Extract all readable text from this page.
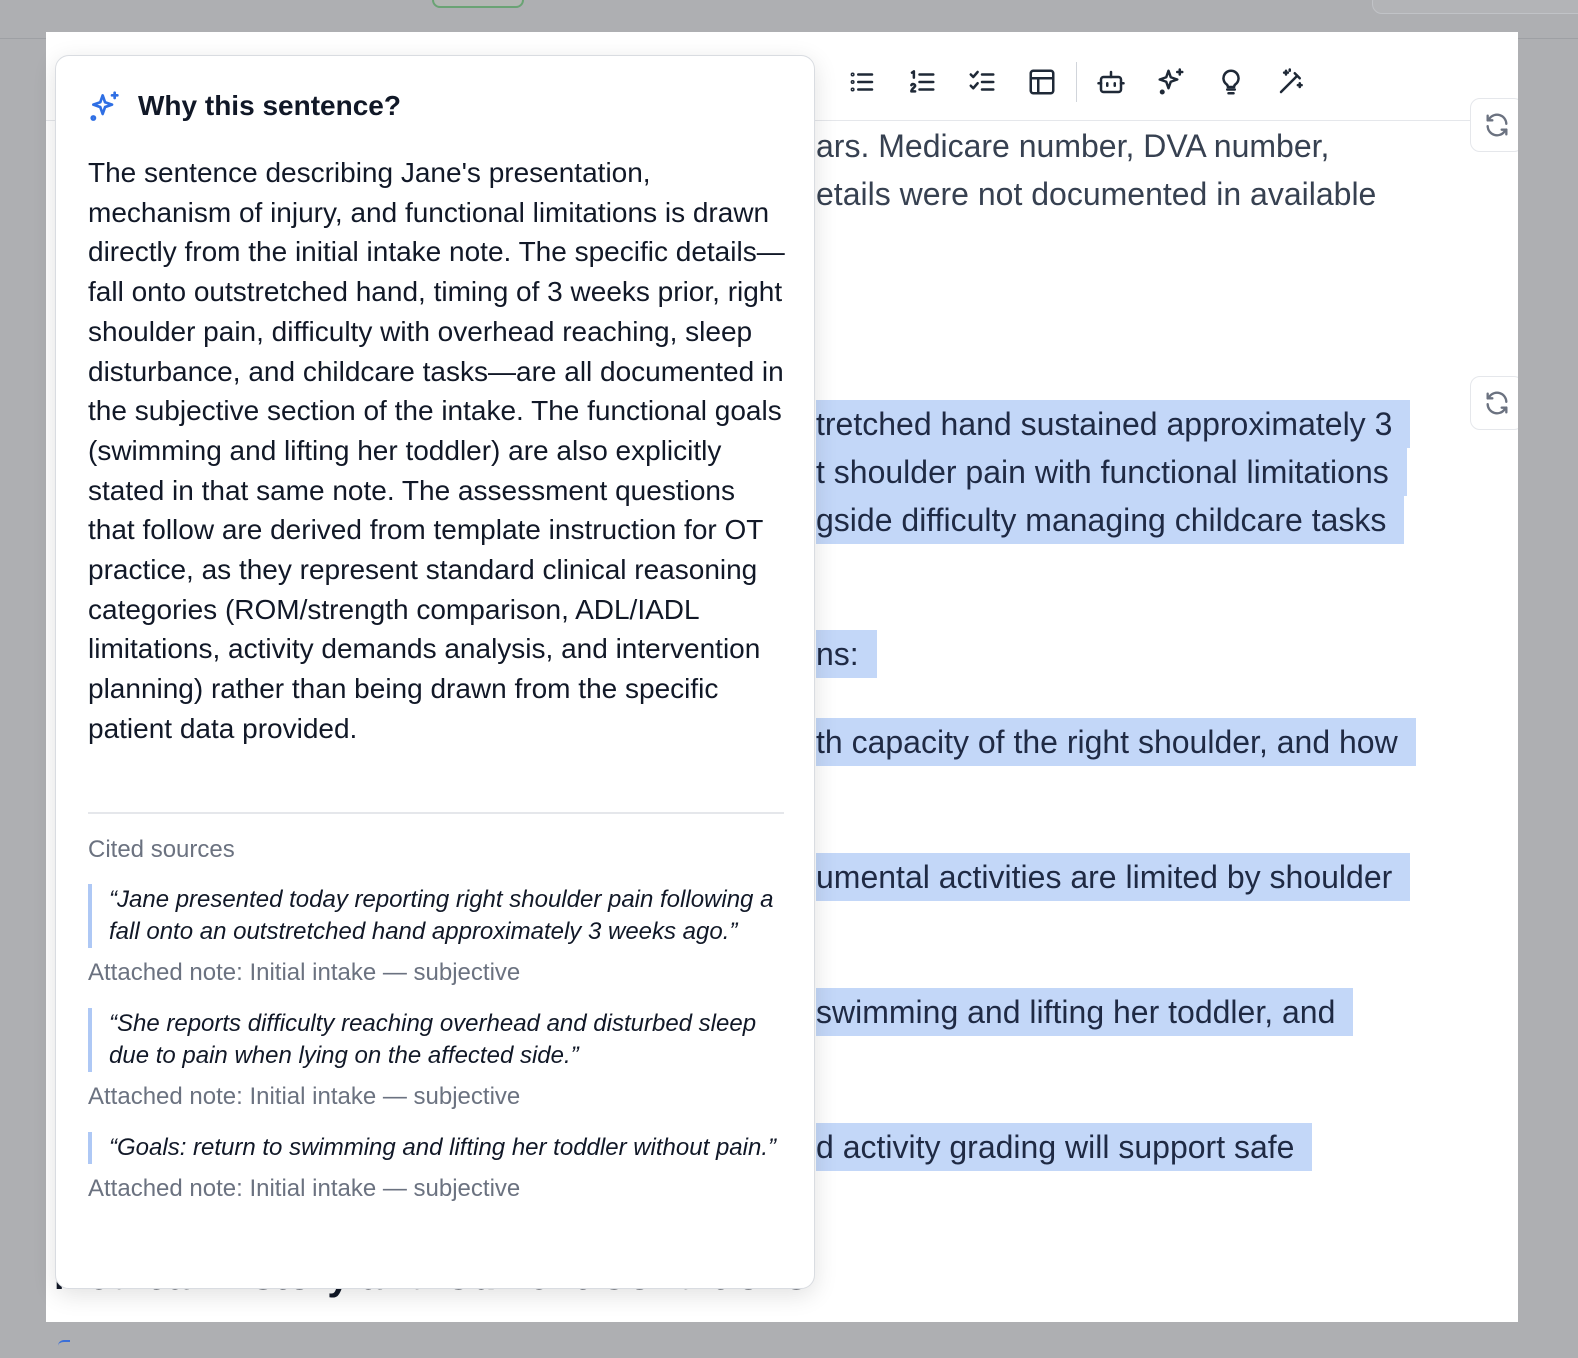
ars. Medicare number, DVA number,
etails were not documented in available
tretched hand sustained approximately 3
t shoulder pain with functional limitations
gside difficulty managing childcare tasks
ns:
th capacity of the right shoulder, and how
umental activities are limited by shoulder
swimming and lifting her toddler, and
d activity grading will support safe
Why this sentence?
The sentence describing Jane's presentation, mechanism of injury, and functional limitations is drawn directly from the initial intake note. The specific details—fall onto outstretched hand, timing of 3 weeks prior, right shoulder pain, difficulty with overhead reaching, sleep disturbance, and childcare tasks—are all documented in the subjective section of the intake. The functional goals (swimming and lifting her toddler) are also explicitly stated in that same note. The assessment questions that follow are derived from template instruction for OT practice, as they represent standard clinical reasoning categories (ROM/strength comparison, ADL/IADL limitations, activity demands analysis, and intervention planning) rather than being drawn from the specific patient data provided.
Cited sources
“Jane presented today reporting right shoulder pain following a fall onto an outstretched hand approximately 3 weeks ago.”
Attached note: Initial intake — subjective
“She reports difficulty reaching overhead and disturbed sleep due to pain when lying on the affected side.”
Attached note: Initial intake — subjective
“Goals: return to swimming and lifting her toddler without pain.”
Attached note: Initial intake — subjective
